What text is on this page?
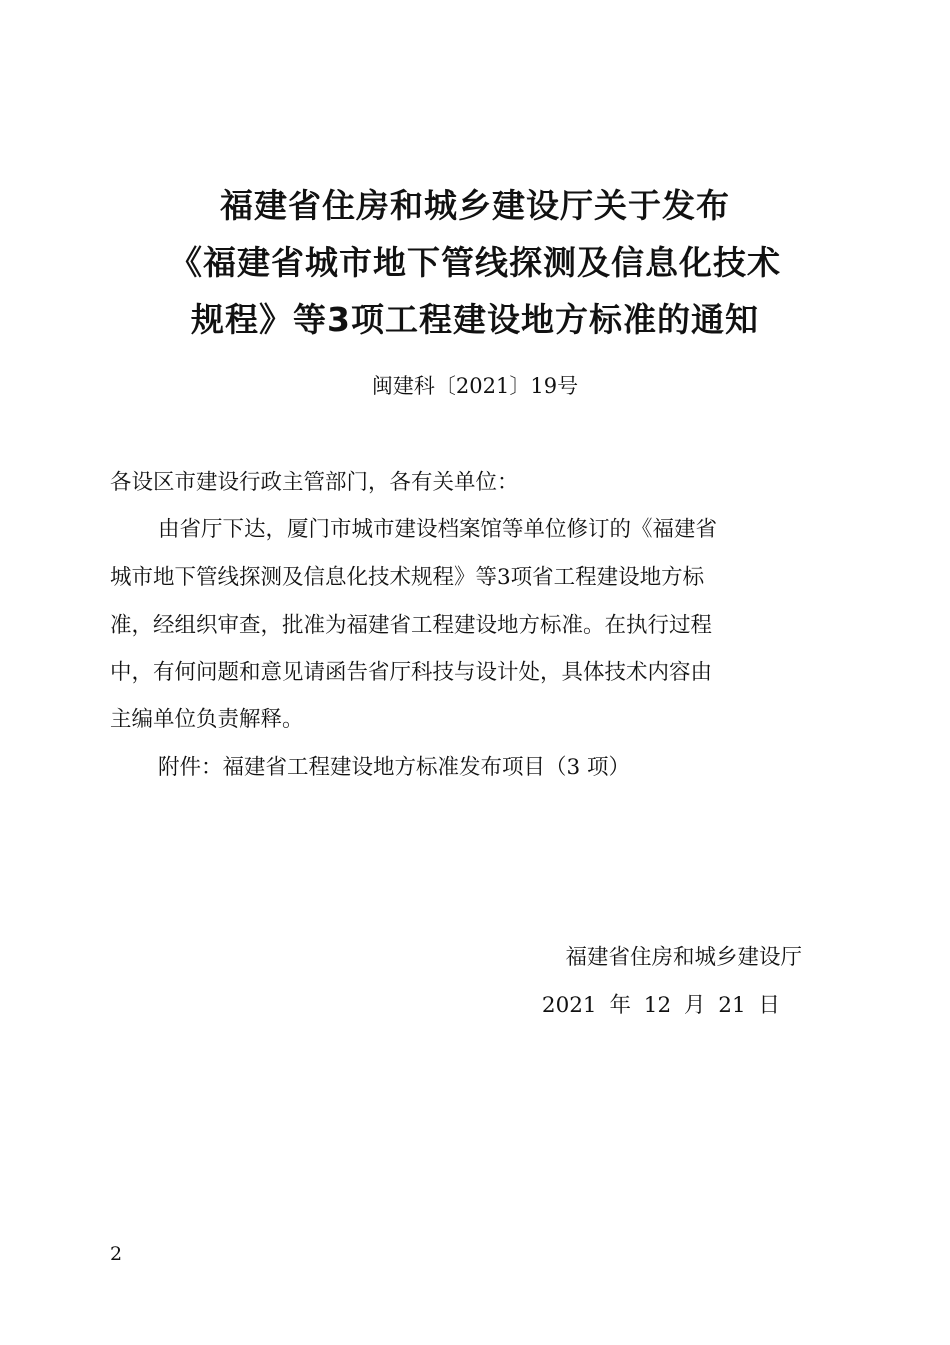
福建省住房和城乡建设厅关于发布
《福建省城市地下管线探测及信息化技术
规程》等3项工程建设地方标准的通知
闽建科〔2021〕19号
各设区市建设行政主管部门，各有关单位：
由省厅下达，厦门市城市建设档案馆等单位修订的《福建省
城市地下管线探测及信息化技术规程》等3项省工程建设地方标
准，经组织审查，批准为福建省工程建设地方标准。在执行过程
中，有何问题和意见请函告省厅科技与设计处，具体技术内容由
主编单位负责解释。
附件：福建省工程建设地方标准发布项目（3 项）
福建省住房和城乡建设厅
2021 年 12 月 21 日
2
